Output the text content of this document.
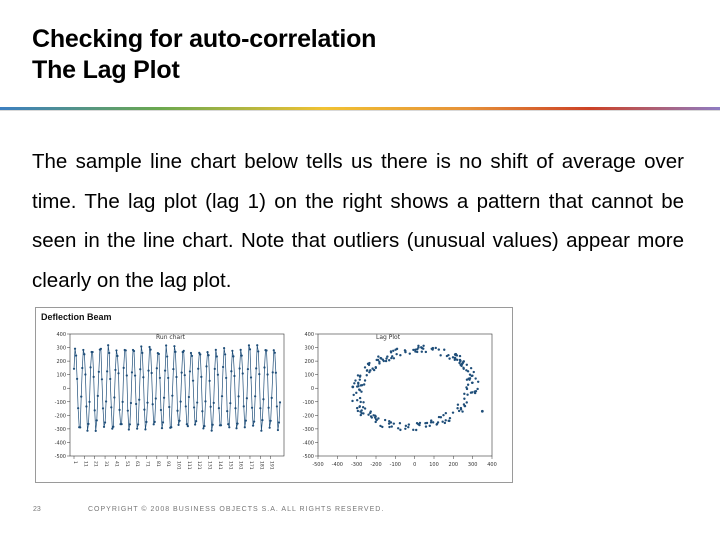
Checking for auto-correlation
The Lag Plot
The sample line chart below tells us there is no shift of average over time. The lag plot (lag 1) on the right shows a pattern that cannot be seen in the line chart. Note that outliers (unusual values) appear more clearly on the lag plot.
Deflection Beam
Run chart	Lag Plot
400
300
200
100
0
-100
-200
-300
-400
-500
1 11 21 31 41 51 61 71 81 91 101 111 121 131 141 151 161 171 181 191
400
300
200
100
0
-100
-200
-300
-400
-500
-500 -400 -300 -200 -100 0	100 200 300 400
23	COPYRIGHT © 2008 BUSINESS OBJECTS S.A. ALL RIGHTS RESERVED.
